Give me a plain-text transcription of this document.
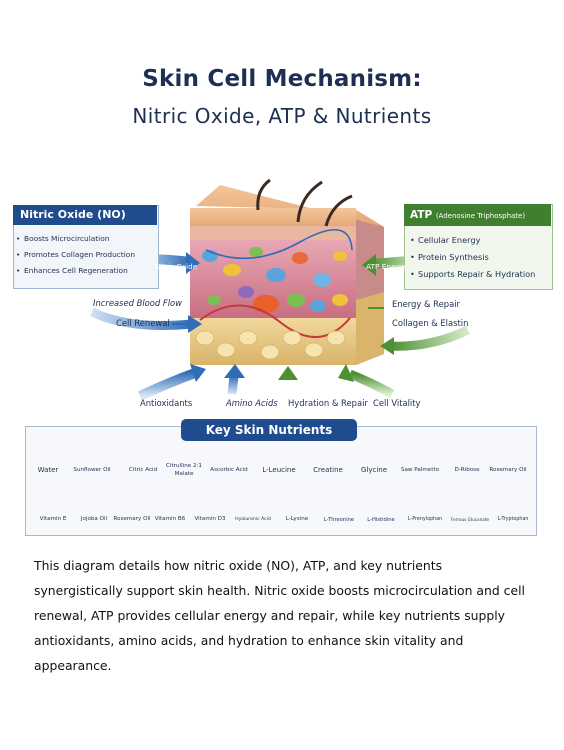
Skin Cell Mechanism:
Nitric Oxide, ATP & Nutrients
Nitric Oxide (NO)
• Boosts Microcirculation
• Promotes Collagen Production
• Enhances Cell Regeneration
ATP (Adenosine Triphosphate)
• Cellular Energy
• Protein Synthesis
• Supports Repair & Hydration
Nitric Oxide (NO)
ATP Energy
Increased Blood Flow
Cell Renewal
Energy & Repair
Collagen & Elastin
Antioxidants	Amino Acids Hydration & Repair Cell Vitality
Key Skin Nutrients
Water	Sunflower Oil	Citric Acid
Citrulline 2:1 Malate
Ascorbic Acid	L-Leucine	Creatine	Glycine	Saw Palmetto	D-Ribose	Rosemary Oil
Vitamin E	Jojoba Oil	Rosemary Oil Vitamin B6	Vitamin D3	Hyaluronic Acid	L-Lysine	L-Threonine	L-Histidine	L-Prenylophan	Ferrous Gluconate	L-Tryptophan
This diagram details how nitric oxide (NO), ATP, and key nutrients synergistically support skin health. Nitric oxide boosts microcirculation and cell renewal, ATP provides cellular energy and repair, while key nutrients supply antioxidants, amino acids, and hydration to enhance skin vitality and appearance.
